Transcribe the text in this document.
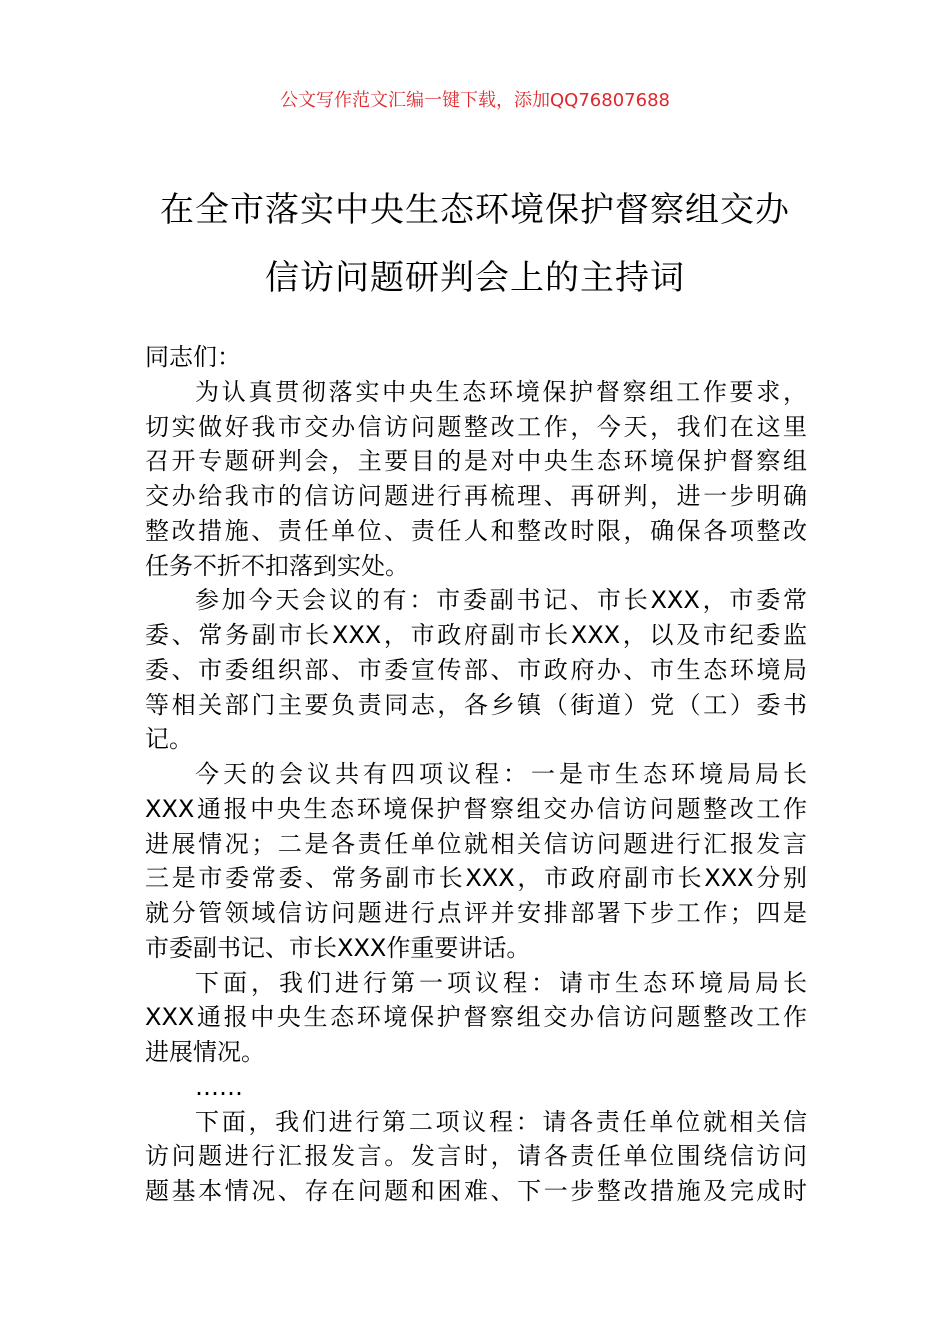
公文写作范文汇编一键下载，添加QQ76807688
在全市落实中央生态环境保护督察组交办
信访问题研判会上的主持词
同志们：
为认真贯彻落实中央生态环境保护督察组工作要求，
切实做好我市交办信访问题整改工作，今天，我们在这里
召开专题研判会，主要目的是对中央生态环境保护督察组
交办给我市的信访问题进行再梳理、再研判，进一步明确
整改措施、责任单位、责任人和整改时限，确保各项整改
任务不折不扣落到实处。
参加今天会议的有：市委副书记、市长XXX，市委常
委、常务副市长XXX，市政府副市长XXX，以及市纪委监
委、市委组织部、市委宣传部、市政府办、市生态环境局
等相关部门主要负责同志，各乡镇（街道）党（工）委书
记。
今天的会议共有四项议程：一是市生态环境局局长
XXX通报中央生态环境保护督察组交办信访问题整改工作
进展情况；二是各责任单位就相关信访问题进行汇报发言
三是市委常委、常务副市长XXX，市政府副市长XXX分别
就分管领域信访问题进行点评并安排部署下步工作；四是
市委副书记、市长XXX作重要讲话。
下面，我们进行第一项议程：请市生态环境局局长
XXX通报中央生态环境保护督察组交办信访问题整改工作
进展情况。
……
下面，我们进行第二项议程：请各责任单位就相关信
访问题进行汇报发言。发言时，请各责任单位围绕信访问
题基本情况、存在问题和困难、下一步整改措施及完成时
